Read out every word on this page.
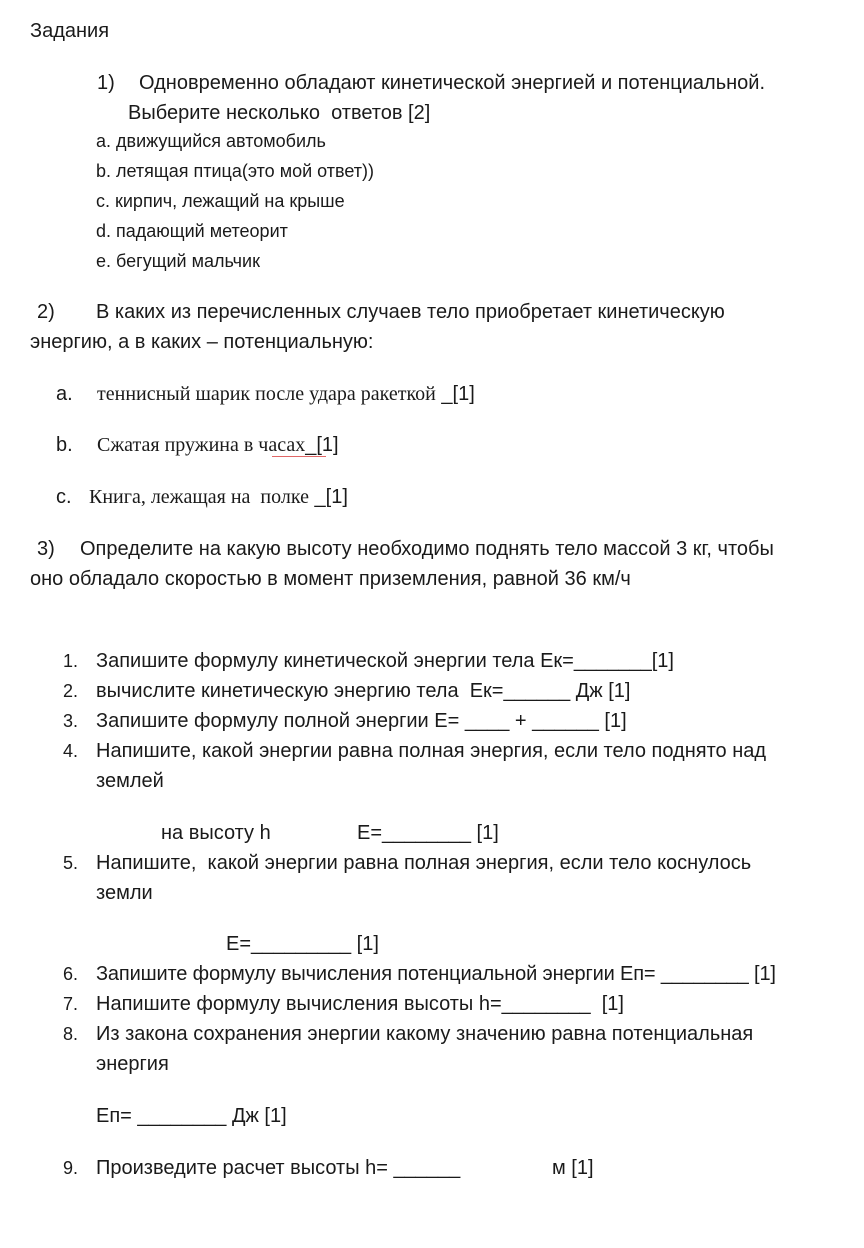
Задания
1) Одновременно обладают кинетической энергией и потенциальной.
Выберите несколько  ответов [2]
a. движущийся автомобиль
b. летящая птица(это мой ответ))
c. кирпич, лежащий на крыше
d. падающий метеорит
e. бегущий мальчик
2) В каких из перечисленных случаев тело приобретает кинетическую
энергию, а в каких – потенциальную:
a. теннисный шарик после удара ракеткой _[1]
b. Сжатая пружина в часах_[1]
c. Книга, лежащая на  полке _[1]
3) Определите на какую высоту необходимо поднять тело массой 3 кг, чтобы
оно обладало скоростью в момент приземления, равной 36 км/ч
1. Запишите формулу кинетической энергии тела Ек=_______[1]
2. вычислите кинетическую энергию тела  Ек=______ Дж [1]
3. Запишите формулу полной энергии Е= ____ + ______ [1]
4. Напишите, какой энергии равна полная энергия, если тело поднято над
землей
на высоту h	Е=________ [1]
5. Напишите,  какой энергии равна полная энергия, если тело коснулось
земли
Е=_________ [1]
6. Запишите формулу вычисления потенциальной энергии Еп= ________ [1]
7. Напишите формулу вычисления высоты h=________  [1]
8. Из закона сохранения энергии какому значению равна потенциальная
энергия
Еп= ________ Дж [1]
9. Произведите расчет высоты h= ______	м [1]
